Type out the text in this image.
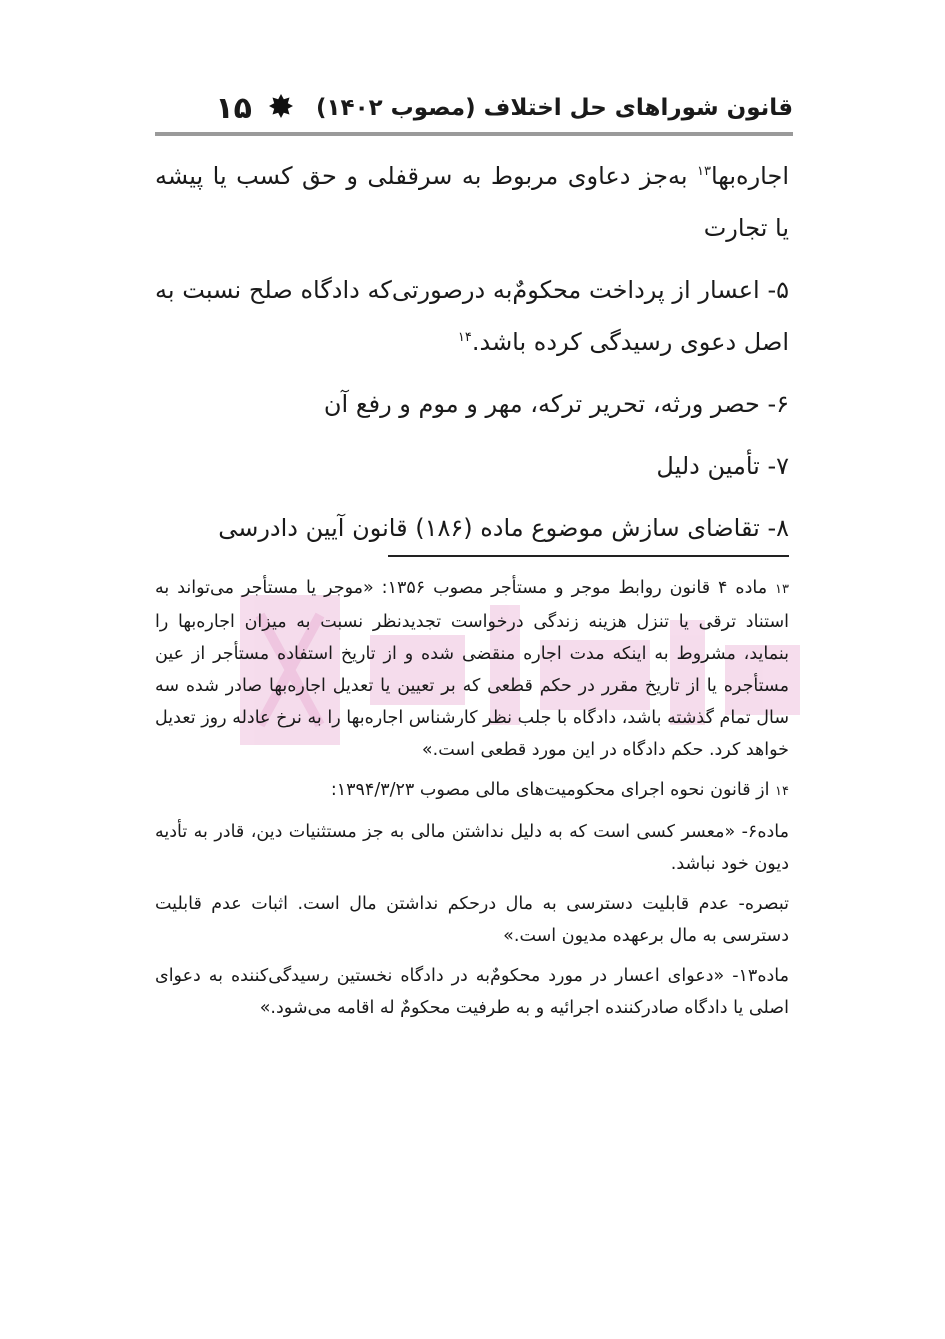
قانون شوراهای حل اختلاف (مصوب ۱۴۰۲)
۱۵

اجاره‌بها$^{۱۳}$ به‌جز دعاوی مربوط به سرقفلی و حق کسب یا پیشه یا تجارت

۵- اعسار از پرداخت محکومٌ‌به درصورتی‌که دادگاه صلح نسبت به اصل دعوی رسیدگی کرده باشد.$^{۱۴}$

۶- حصر ورثه، تحریر ترکه، مهر و موم و رفع آن

۷- تأمین دلیل

۸- تقاضای سازش موضوع ماده (۱۸۶) قانون آیین دادرسی

۱۳ ماده ۴ قانون روابط موجر و مستأجر مصوب ۱۳۵۶: «موجر یا مستأجر می‌تواند به استناد ترقی یا تنزل هزینه زندگی درخواست تجدیدنظر نسبت به میزان اجاره‌بها را بنماید، مشروط به اینکه مدت اجاره منقضی شده و از تاریخ استفاده مستأجر از عین مستأجره یا از تاریخ مقرر در حکم قطعی که بر تعیین یا تعدیل اجاره‌بها صادر شده سه سال تمام گذشته باشد، دادگاه با جلب نظر کارشناس اجاره‌بها را به نرخ عادله روز تعدیل خواهد کرد. حکم دادگاه در این مورد قطعی است.»

۱۴ از قانون نحوه اجرای محکومیت‌های مالی مصوب ۱۳۹۴/۳/۲۳:

ماده۶- «معسر کسی است که به دلیل نداشتن مالی به جز مستثنیات دین، قادر به تأدیه دیون خود نباشد.

تبصره- عدم قابلیت دسترسی به مال درحکم نداشتن مال است. اثبات عدم قابلیت دسترسی به مال برعهده مدیون است.»

ماده۱۳- «دعوای اعسار در مورد محکومٌ‌به در دادگاه نخستین رسیدگی‌کننده به دعوای اصلی یا دادگاه صادرکننده اجرائیه و به طرفیت محکومٌ له اقامه می‌شود.»
